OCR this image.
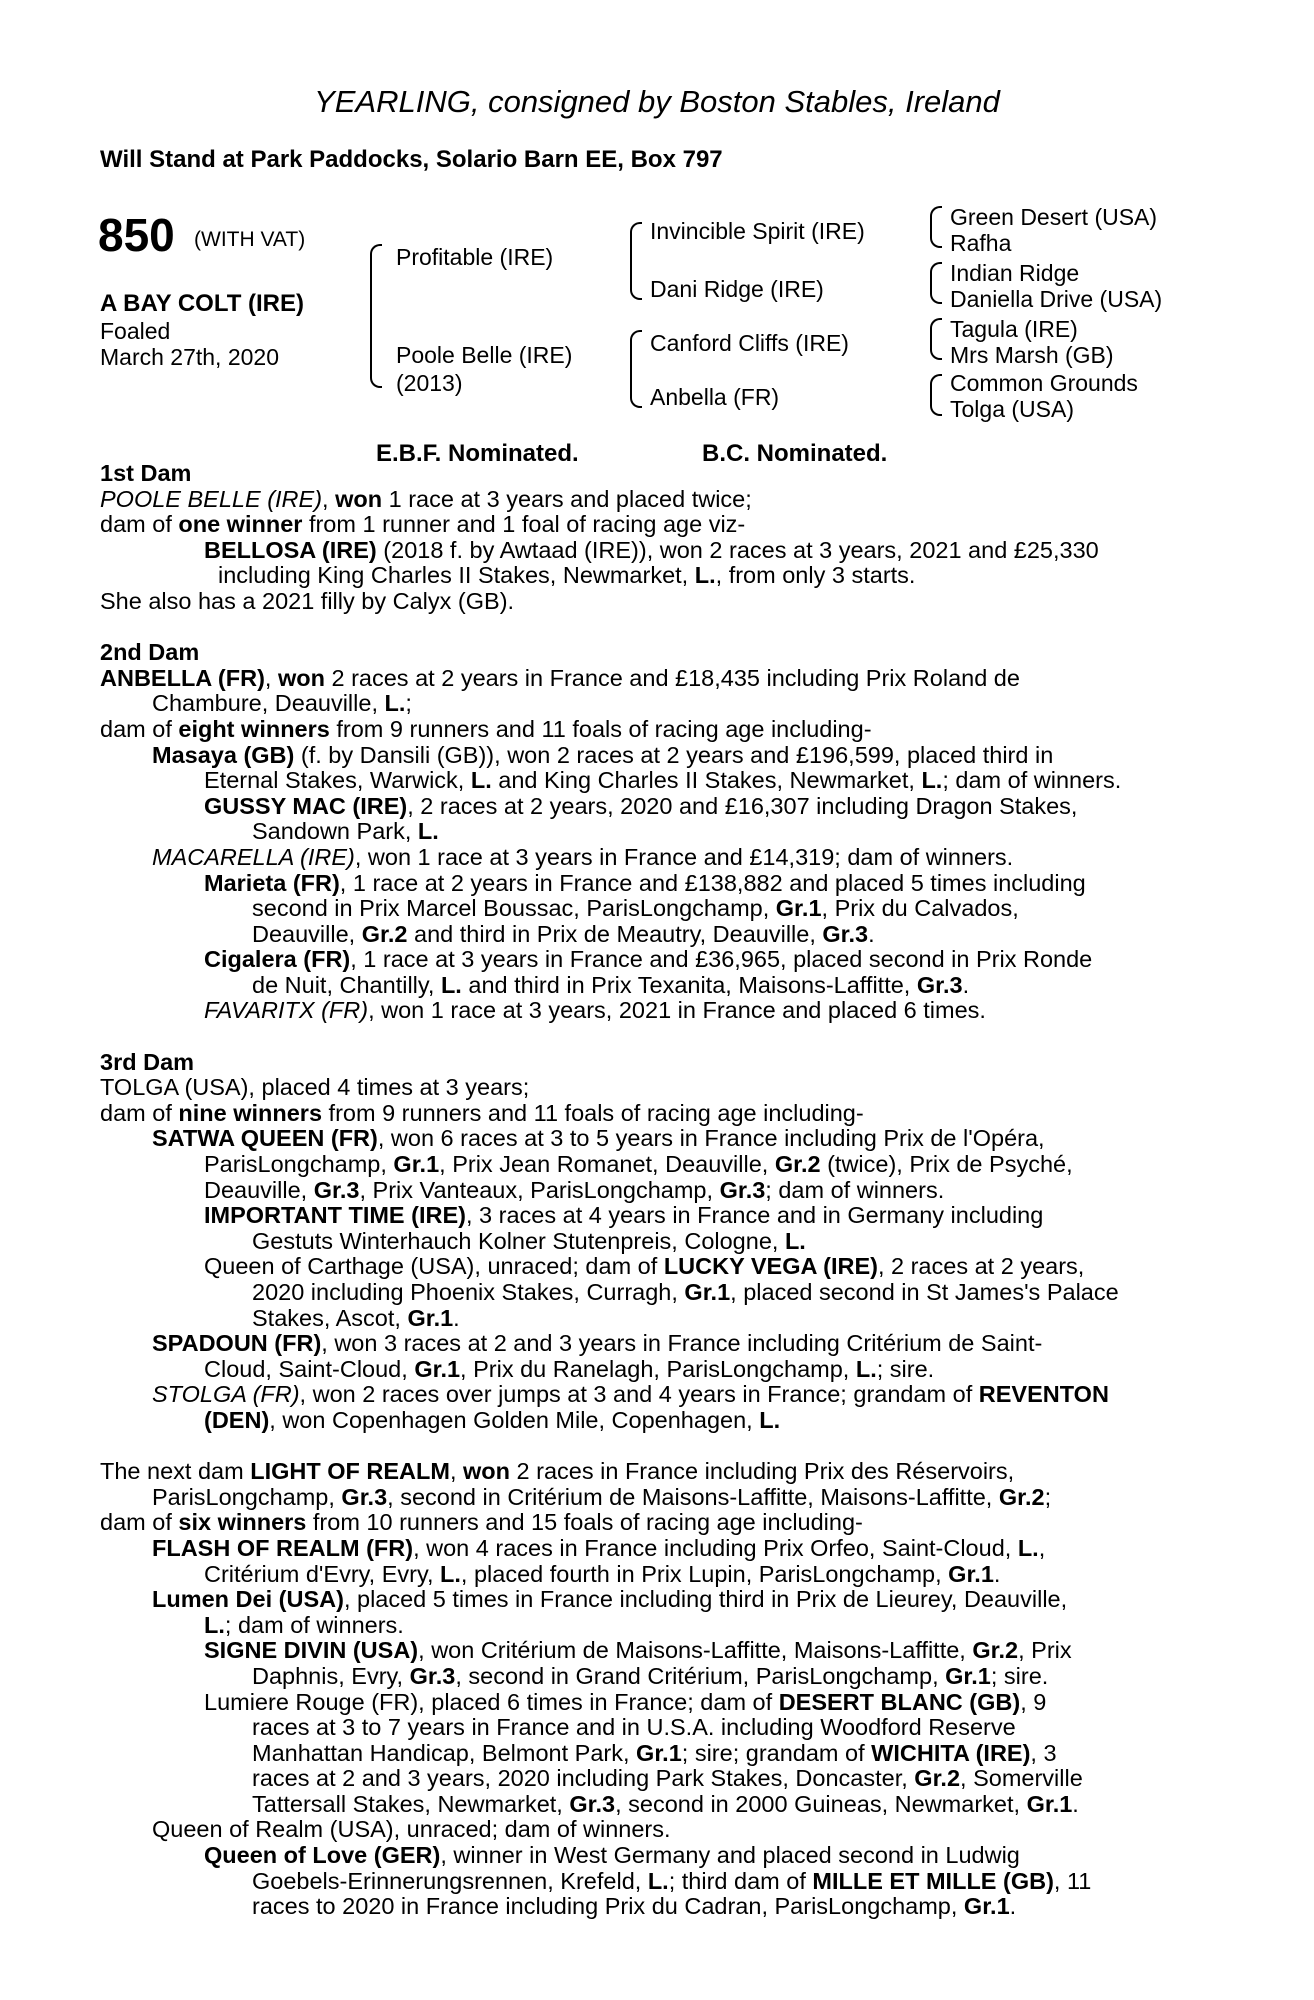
YEARLING, consigned by Boston Stables, Ireland
Will Stand at Park Paddocks, Solario Barn EE, Box 797
850 (WITH VAT)
A BAY COLT (IRE)
Foaled
March 27th, 2020
Profitable (IRE)
Poole Belle (IRE)
(2013)
Invincible Spirit (IRE)
Dani Ridge (IRE)
Canford Cliffs (IRE)
Anbella (FR)
Green Desert (USA)
Rafha
Indian Ridge
Daniella Drive (USA)
Tagula (IRE)
Mrs Marsh (GB)
Common Grounds
Tolga (USA)
E.B.F. Nominated.	B.C. Nominated.
1st Dam
POOLE BELLE (IRE), won 1 race at 3 years and placed twice;
dam of one winner from 1 runner and 1 foal of racing age viz-
BELLOSA (IRE) (2018 f. by Awtaad (IRE)), won 2 races at 3 years, 2021 and £25,330
including King Charles II Stakes, Newmarket, L., from only 3 starts.
She also has a 2021 filly by Calyx (GB).
2nd Dam
ANBELLA (FR), won 2 races at 2 years in France and £18,435 including Prix Roland de
Chambure, Deauville, L.;
dam of eight winners from 9 runners and 11 foals of racing age including-
Masaya (GB) (f. by Dansili (GB)), won 2 races at 2 years and £196,599, placed third in
Eternal Stakes, Warwick, L. and King Charles II Stakes, Newmarket, L.; dam of winners.
GUSSY MAC (IRE), 2 races at 2 years, 2020 and £16,307 including Dragon Stakes,
Sandown Park, L.
MACARELLA (IRE), won 1 race at 3 years in France and £14,319; dam of winners.
Marieta (FR), 1 race at 2 years in France and £138,882 and placed 5 times including
second in Prix Marcel Boussac, ParisLongchamp, Gr.1, Prix du Calvados,
Deauville, Gr.2 and third in Prix de Meautry, Deauville, Gr.3.
Cigalera (FR), 1 race at 3 years in France and £36,965, placed second in Prix Ronde
de Nuit, Chantilly, L. and third in Prix Texanita, Maisons-Laffitte, Gr.3.
FAVARITX (FR), won 1 race at 3 years, 2021 in France and placed 6 times.
3rd Dam
TOLGA (USA), placed 4 times at 3 years;
dam of nine winners from 9 runners and 11 foals of racing age including-
SATWA QUEEN (FR), won 6 races at 3 to 5 years in France including Prix de l'Opéra,
ParisLongchamp, Gr.1, Prix Jean Romanet, Deauville, Gr.2 (twice), Prix de Psyché,
Deauville, Gr.3, Prix Vanteaux, ParisLongchamp, Gr.3; dam of winners.
IMPORTANT TIME (IRE), 3 races at 4 years in France and in Germany including
Gestuts Winterhauch Kolner Stutenpreis, Cologne, L.
Queen of Carthage (USA), unraced; dam of LUCKY VEGA (IRE), 2 races at 2 years,
2020 including Phoenix Stakes, Curragh, Gr.1, placed second in St James's Palace
Stakes, Ascot, Gr.1.
SPADOUN (FR), won 3 races at 2 and 3 years in France including Critérium de Saint-
Cloud, Saint-Cloud, Gr.1, Prix du Ranelagh, ParisLongchamp, L.; sire.
STOLGA (FR), won 2 races over jumps at 3 and 4 years in France; grandam of REVENTON
(DEN), won Copenhagen Golden Mile, Copenhagen, L.
The next dam LIGHT OF REALM, won 2 races in France including Prix des Réservoirs,
ParisLongchamp, Gr.3, second in Critérium de Maisons-Laffitte, Maisons-Laffitte, Gr.2;
dam of six winners from 10 runners and 15 foals of racing age including-
FLASH OF REALM (FR), won 4 races in France including Prix Orfeo, Saint-Cloud, L.,
Critérium d'Evry, Evry, L., placed fourth in Prix Lupin, ParisLongchamp, Gr.1.
Lumen Dei (USA), placed 5 times in France including third in Prix de Lieurey, Deauville,
L.; dam of winners.
SIGNE DIVIN (USA), won Critérium de Maisons-Laffitte, Maisons-Laffitte, Gr.2, Prix
Daphnis, Evry, Gr.3, second in Grand Critérium, ParisLongchamp, Gr.1; sire.
Lumiere Rouge (FR), placed 6 times in France; dam of DESERT BLANC (GB), 9
races at 3 to 7 years in France and in U.S.A. including Woodford Reserve
Manhattan Handicap, Belmont Park, Gr.1; sire; grandam of WICHITA (IRE), 3
races at 2 and 3 years, 2020 including Park Stakes, Doncaster, Gr.2, Somerville
Tattersall Stakes, Newmarket, Gr.3, second in 2000 Guineas, Newmarket, Gr.1.
Queen of Realm (USA), unraced; dam of winners.
Queen of Love (GER), winner in West Germany and placed second in Ludwig
Goebels-Erinnerungsrennen, Krefeld, L.; third dam of MILLE ET MILLE (GB), 11
races to 2020 in France including Prix du Cadran, ParisLongchamp, Gr.1.
